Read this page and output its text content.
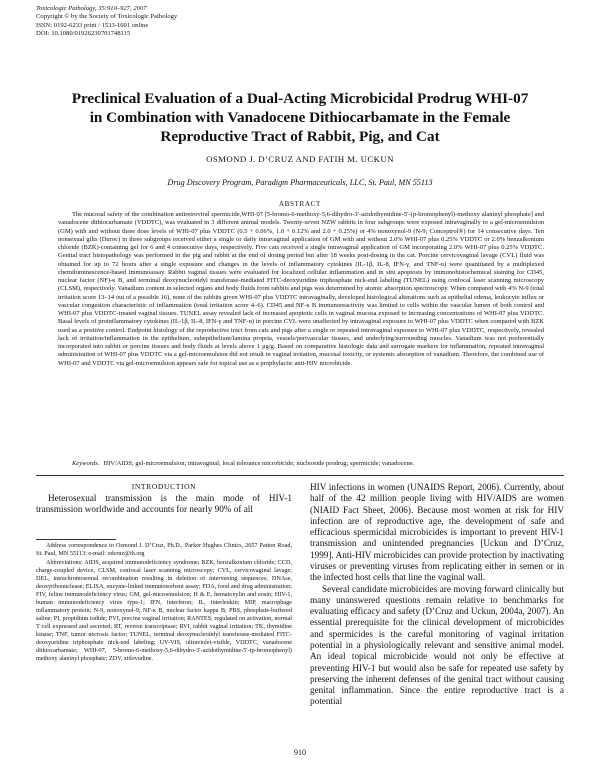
Toxicologic Pathology, 35:910–927, 2007
Copyright © by the Society of Toxicologic Pathology
ISSN: 0192-6233 print / 1533-1601 online
DOI: 10.1080/01926230701748115
Preclinical Evaluation of a Dual-Acting Microbicidal Prodrug WHI-07
in Combination with Vanadocene Dithiocarbamate in the Female
Reproductive Tract of Rabbit, Pig, and Cat
OSMOND J. D’CRUZ AND FATIH M. UCKUN
Drug Discovery Program, Paradigm Pharmaceuticals, LLC, St. Paul, MN 55113
ABSTRACT

The mucosal safety of the combination antiretroviral spermicide,WHI-07 [5-bromo-6-methoxy-5,6-dihydro-3′-azidothymidine-5′-(p-bromophenyl)-methoxy alaninyl phosphate] and vanadocene dithiocarbamate (VDDTC), was evaluated in 3 different animal models. Twenty-seven NZW rabbits in four subgroups were exposed intravaginally to a gel-microemulsion (GM) with and without three dose levels of WHI-07 plus VDDTC (0.5 + 0.06%, 1.0 + 0.12% and 2.0 + 0.25%) or 4% nonoxynol-9 (N-9; Conceptrol®) for 14 consecutive days. Ten nonsexual gilts (Duroc) in three subgroups received either a single or daily intravaginal application of GM with and without 2.0% WHI-07 plus 0.25% VDDTC or 2.0% benzalkonium chloride (BZK)-containing gel for 6 and 4 consecutive days, respectively. Five cats received a single intravaginal application of GM incorporating 2.0% WHI-07 plus 0.25% VDDTC. Genital tract histopathology was performed in the pig and rabbit at the end of dosing period but after 18 weeks post-dosing in the cat. Porcine cervicovaginal lavage (CVL) fluid was obtained for up to 72 hours after a single exposure and changes in the levels of inflammatory cytokines (IL-1β, IL-8, IFN-γ, and TNF-α) were quantitated by a multiplexed chemiluminescence-based immunoassay. Rabbit vaginal tissues were evaluated for localized cellular inflammation and in situ apoptosis by immunohistochemical staining for CD45, nuclear factor (NF)-κ B, and terminal deoxynucleotidyl transferase-mediated FITC-deoxyuridine triphosphate nick-end labeling (TUNEL) using confocal laser scanning microscopy (CLSM), respectively. Vanadium content in selected organs and body fluids from rabbits and pigs was determined by atomic absorption spectroscopy. When compared with 4% N-9 (total irritation score 13–14 out of a possible 16), none of the rabbits given WHI-07 plus VDDTC intravaginally, developed histological alterations such as epithelial edema, leukocyte influx or vascular congestion characteristic of inflammation (total irritation score 4–6). CD45 and NF-κ B immunoreactivity was limited to cells within the vascular lumen of both control and WHI-07 plus VDDTC-treated vaginal tissues. TUNEL assay revealed lack of increased apoptotic cells in vaginal mucosa exposed to increasing concentrations of WHI-07 plus VDDTC. Basal levels of proinflammatory cytokines (IL-1β, IL-8, IFN-γ and TNF-α) in porcine CVL were unaffected by intravaginal exposure to WHI-07 plus VDDTC when compared with BZK used as a positive control. Endpoint histology of the reproductive tract from cats and pigs after a single or repeated intravaginal exposure to WHI-07 plus VDDTC, respectively, revealed lack of irritation/inflammation in the epithelium, subepithelium/lamina propria, vessels/perivascular tissues, and underlying/surrounding muscles. Vanadium was not preferentially incorporated into rabbit or porcine tissues and body fluids at levels above 1 μg/g. Based on comparative histologic data and surrogate markers for inflammation, repeated intravaginal administration of WHI-07 plus VDDTC via a gel-microemulsion did not result in vaginal irritation, mucosal toxicity, or systemic absorption of vanadium. Therefore, the combined use of WHI-07 and VDDTC via gel-microemulsion appears safe for topical use as a prophylactic anti-HIV microbicide.

Keywords. HIV/AIDS; gel-microemulsion; intravaginal; local tolerance microbicide; nucleoside prodrug; spermicide; vanadocene.
INTRODUCTION

Heterosexual transmission is the main mode of HIV-1 transmission worldwide and accounts for nearly 90% of all

Address correspondence to Osmond J. D’Cruz, Ph.D., Parker Hughes Clinics, 2657 Patton Road, St. Paul, MN 55113; e-mail: odcruz@ih.org

Abbreviations: AIDS, acquired immunodeficiency syndrome; BZK, benzalkonium chloride; CCD, charge-coupled device; CLSM, confocal laser scanning microscopy; CVL, cervicovaginal lavage; DEL, intrachromosomal recombination resulting in deletion of intervening sequences; DNAse, deoxyribonuclease; ELISA, enzyme-linked immunosorbent assay; FDA, food and drug administration; FIV, feline immunodeficiency virus; GM, gel-microemulsion; H & E, hematoxylin and eosin; HIV-1, human immunodeficiency virus type-1; IFN, interferon; IL, interleukin; MIP, macrophage inflammatory protein; N-9, nonoxynol-9; NF-κ B, nuclear factor kappa B; PBS, phosphate-buffered saline; PI, propidium iodide; PVI, porcine vaginal irritation; RANTES, regulated on activation, normal T cell expressed and secreted; RT, reverse transcriptase; RVI, rabbit vaginal irritation; TK, thymidine kinase; TNF, tumor necrosis factor; TUNEL, terminal deoxynucleotidyl transferase-mediated FITC-deoxyuridine triphosphate nick-end labeling; UV-VIS, ultraviolet-visible, VDDTC, vanadocene dithiocarbamate; WHI-07, 5-bromo-6-methoxy-5,6-dihydro-3′-azidothymidine-5′-(p-bromophenyl) methoxy alaninyl phosphate; ZDV, zidovudine.

HIV infections in women (UNAIDS Report, 2006). Currently, about half of the 42 million people living with HIV/AIDS are women (NIAID Fact Sheet, 2006). Because most women at risk for HIV infection are of reproductive age, the development of safe and efficacious spermicidal microbicides is important to prevent HIV-1 transmission and unintended pregnancies [Uckun and D’Cruz, 1999]. Anti-HIV microbicides can provide protection by inactivating viruses or preventing viruses from replicating either in semen or in the infected host cells that line the vaginal wall.

Several candidate microbicides are moving forward clinically but many unanswered questions remain relative to benchmarks for evaluating efficacy and safety (D’Cruz and Uckun, 2004a, 2007). An essential prerequisite for the clinical development of microbicides and spermicides is the careful monitoring of vaginal irritation potential in a physiologically relevant and sensitive animal model. An ideal topical microbicide would not only be effective at preventing HIV-1 but would also be safe for repeated use safety by preserving the inherent defenses of the genital tract without causing genital inflammation. Since the entire reproductive tract is a potential

910
